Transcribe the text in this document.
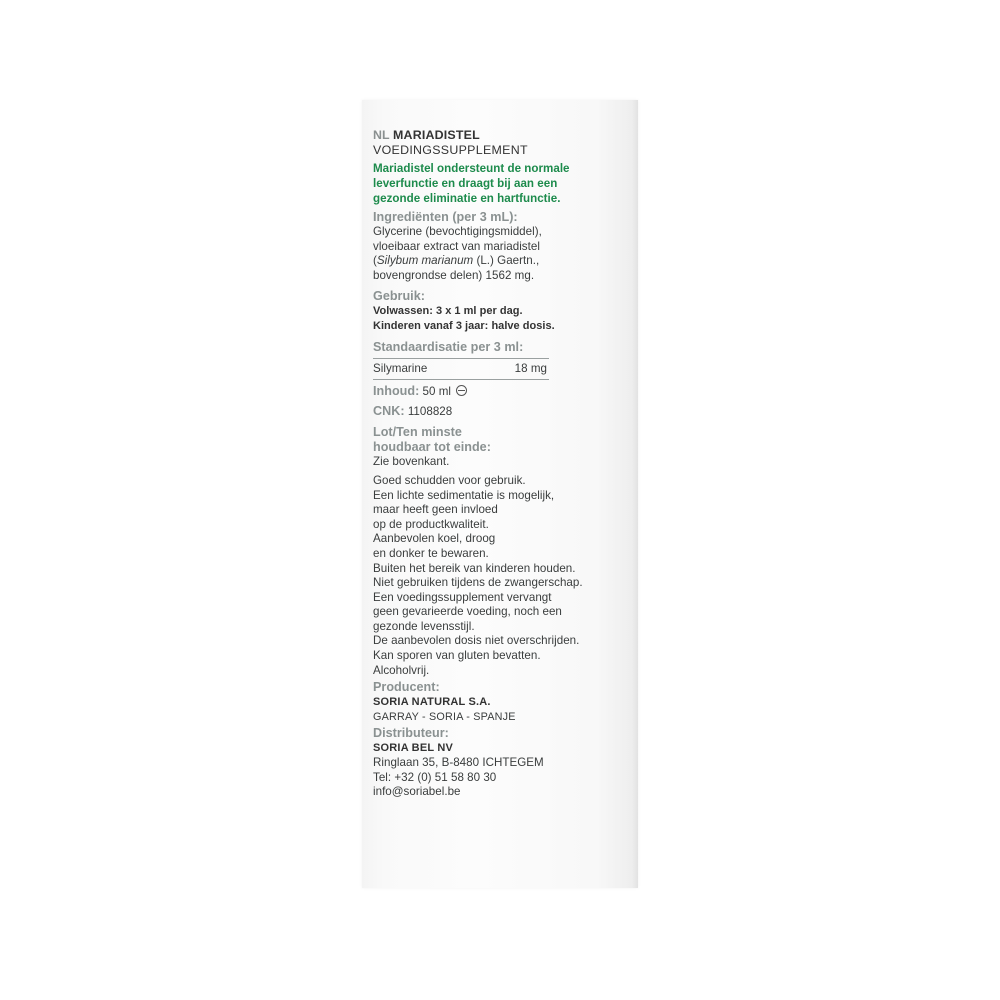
NL MARIADISTEL
VOEDINGSSUPPLEMENT
Mariadistel ondersteunt de normale
leverfunctie en draagt bij aan een
gezonde eliminatie en hartfunctie.
Ingrediënten (per 3 mL):
Glycerine (bevochtigingsmiddel),
vloeibaar extract van mariadistel
(Silybum marianum (L.) Gaertn.,
bovengrondse delen) 1562 mg.
Gebruik:
Volwassen: 3 x 1 ml per dag.
Kinderen vanaf 3 jaar: halve dosis.
Standaardisatie per 3 ml:
Silymarine	18 mg
Inhoud: 50 ml
CNK: 1108828
Lot/Ten minste
houdbaar tot einde:
Zie bovenkant.
Goed schudden voor gebruik.
Een lichte sedimentatie is mogelijk,
maar heeft geen invloed
op de productkwaliteit.
Aanbevolen koel, droog
en donker te bewaren.
Buiten het bereik van kinderen houden.
Niet gebruiken tijdens de zwangerschap.
Een voedingssupplement vervangt
geen gevarieerde voeding, noch een
gezonde levensstijl.
De aanbevolen dosis niet overschrijden.
Kan sporen van gluten bevatten.
Alcoholvrij.
Producent:
SORIA NATURAL S.A.
GARRAY - SORIA - SPANJE
Distributeur:
SORIA BEL NV
Ringlaan 35, B-8480 ICHTEGEM
Tel: +32 (0) 51 58 80 30
info@soriabel.be
